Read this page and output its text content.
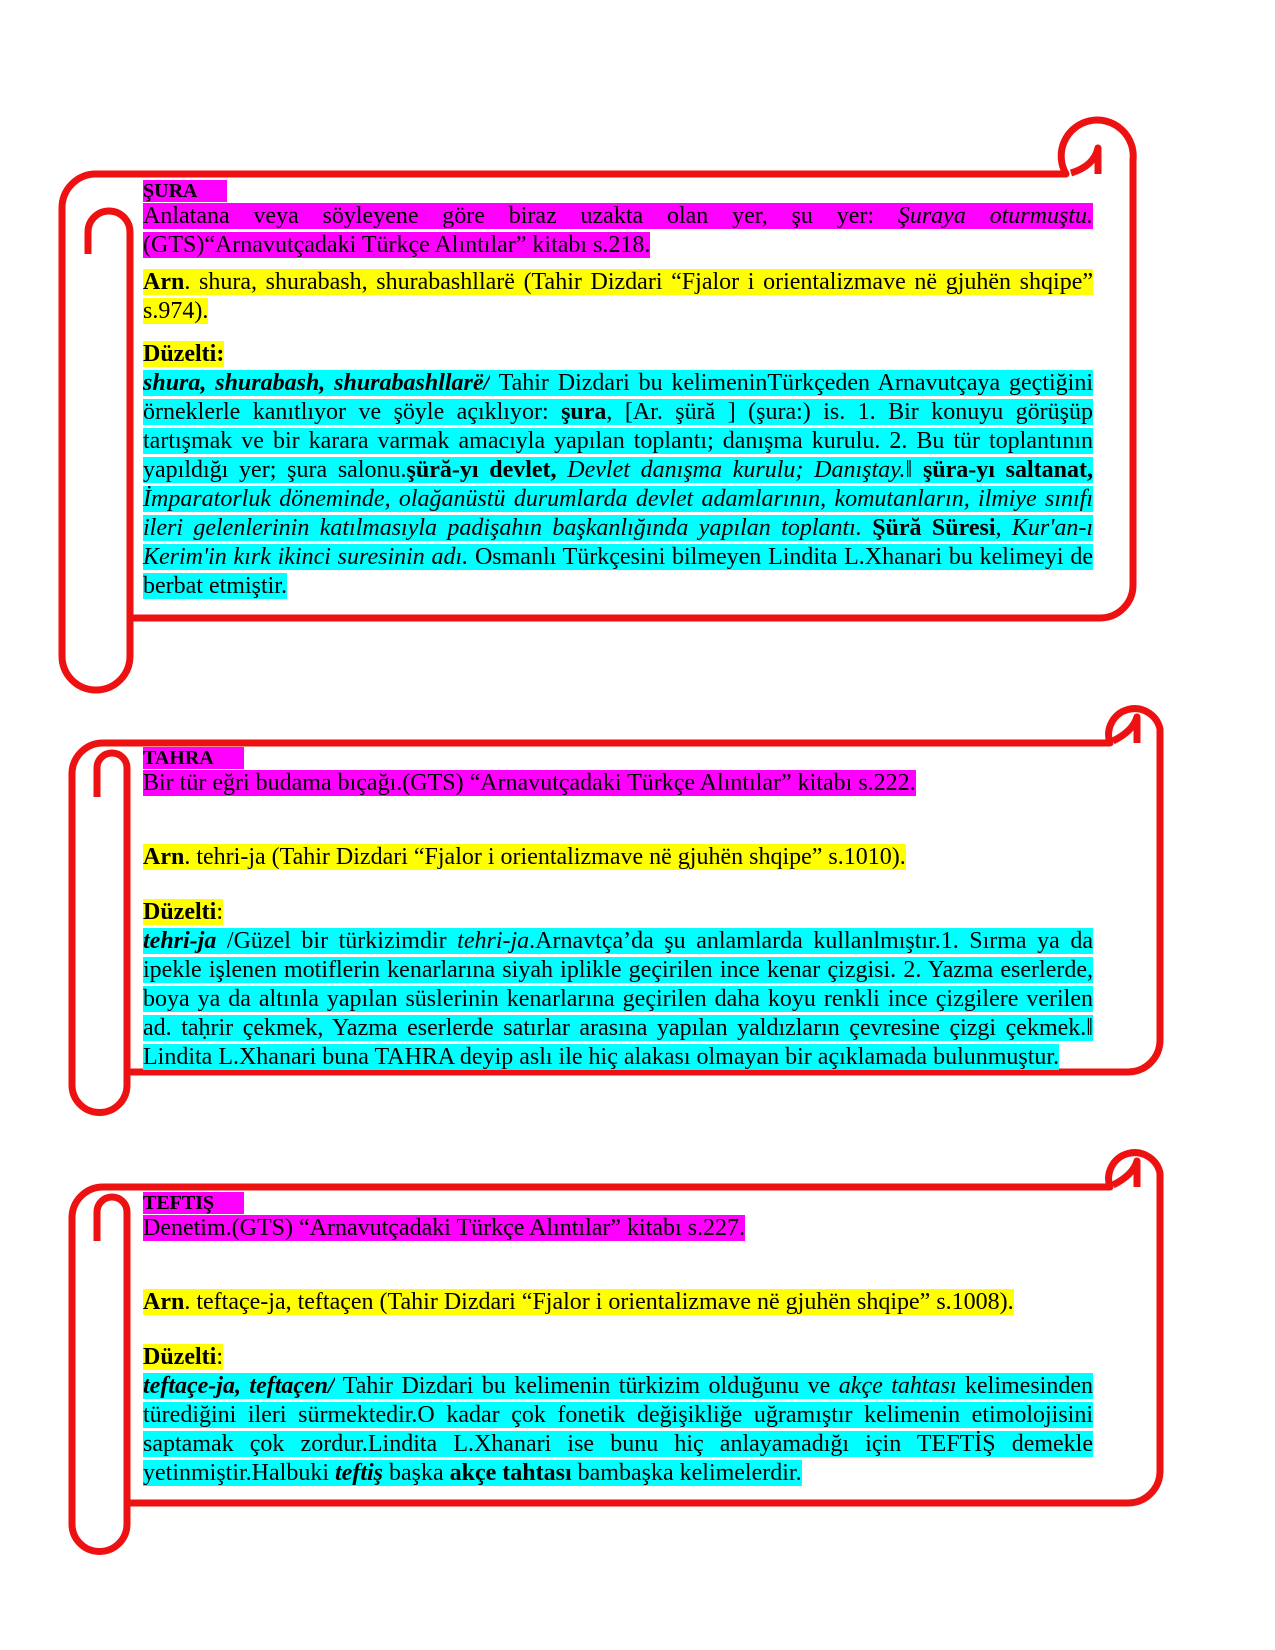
ŞURA
Anlatana veya söyleyene göre biraz uzakta olan yer, şu yer: Şuraya oturmuştu. (GTS)“Arnavutçadaki Türkçe Alıntılar” kitabı s.218.
Arn. shura, shurabash, shurabashllarë (Tahir Dizdari “Fjalor i orientalizmave në gjuhën shqipe” s.974).
Düzelti:
shura, shurabash, shurabashllarë/ Tahir Dizdari bu kelimeninTürkçeden Arnavutçaya geçtiğini örneklerle kanıtlıyor ve şöyle açıklıyor: şura, [Ar. şüră ] (şura:) is. 1. Bir konuyu görüşüp tartışmak ve bir karara varmak amacıyla yapılan toplantı; danışma kurulu. 2. Bu tür toplantının yapıldığı yer; şura salonu.şüră-yı devlet, Devlet danışma kurulu; Danıştay.‖ şüra-yı saltanat, İmparatorluk döneminde, olağanüstü durumlarda devlet adamlarının, komutanların, ilmiye sınıfı ileri gelenlerinin katılmasıyla padişahın başkanlığında yapılan toplantı. Şüră Süresi, Kur'an-ı Kerim'in kırk ikinci suresinin adı. Osmanlı Türkçesini bilmeyen Lindita L.Xhanari bu kelimeyi de berbat etmiştir.
TAHRA
Bir tür eğri budama bıçağı.(GTS) “Arnavutçadaki Türkçe Alıntılar” kitabı s.222.
Arn. tehri-ja (Tahir Dizdari “Fjalor i orientalizmave në gjuhën shqipe” s.1010).
Düzelti:
tehri-ja /Güzel bir türkizimdir tehri-ja.Arnavtça’da şu anlamlarda kullanlmıştır.1. Sırma ya da ipekle işlenen motiflerin kenarlarına siyah iplikle geçirilen ince kenar çizgisi. 2. Yazma eserlerde, boya ya da altınla yapılan süslerinin kenarlarına geçirilen daha koyu renkli ince çizgilere verilen ad. taḥrir çekmek, Yazma eserlerde satırlar arasına yapılan yaldızların çevresine çizgi çekmek.‖ Lindita L.Xhanari buna TAHRA deyip aslı ile hiç alakası olmayan bir açıklamada bulunmuştur.
TEFTIŞ
Denetim.(GTS) “Arnavutçadaki Türkçe Alıntılar” kitabı s.227.
Arn. teftaçe-ja, teftaçen (Tahir Dizdari “Fjalor i orientalizmave në gjuhën shqipe” s.1008).
Düzelti:
teftaçe-ja, teftaçen/ Tahir Dizdari bu kelimenin türkizim olduğunu ve akçe tahtası kelimesinden türediğini ileri sürmektedir.O kadar çok fonetik değişikliğe uğramıştır kelimenin etimolojisini saptamak çok zordur.Lindita L.Xhanari ise bunu hiç anlayamadığı için TEFTİŞ demekle yetinmiştir.Halbuki teftiş başka akçe tahtası bambaşka kelimelerdir.
